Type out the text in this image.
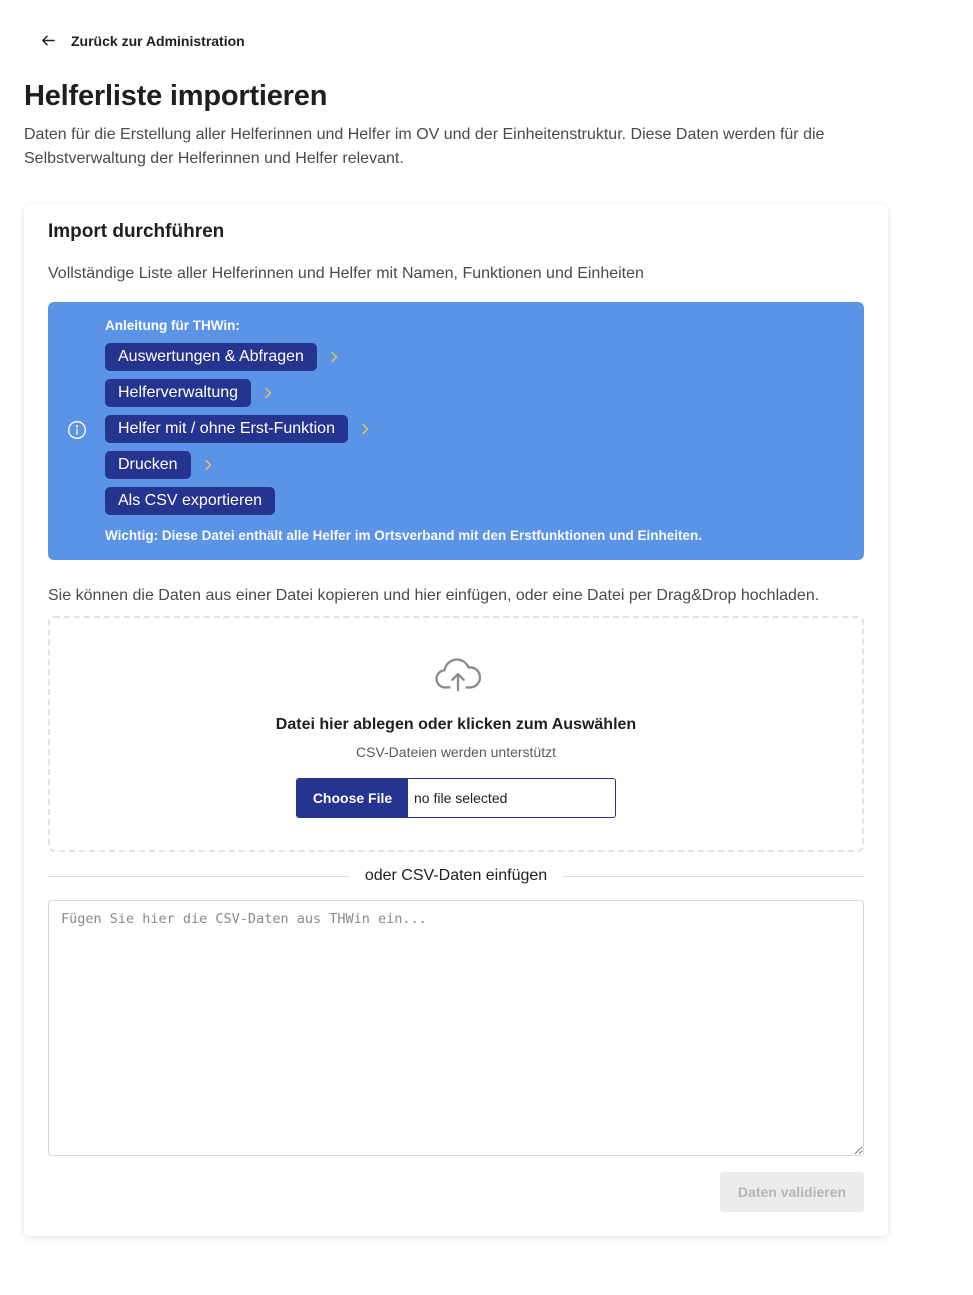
Zurück zur Administration
Helferliste importieren

Daten für die Erstellung aller Helferinnen und Helfer im OV und der Einheitenstruktur. Diese Daten werden für die Selbstverwaltung der Helferinnen und Helfer relevant.

Import durchführen

Vollständige Liste aller Helferinnen und Helfer mit Namen, Funktionen und Einheiten

Anleitung für THWin:
Auswertungen & Abfragen
Helferverwaltung
Helfer mit / ohne Erst-Funktion
Drucken
Als CSV exportieren
Wichtig: Diese Datei enthält alle Helfer im Ortsverband mit den Erstfunktionen und Einheiten.

Sie können die Daten aus einer Datei kopieren und hier einfügen, oder eine Datei per Drag&Drop hochladen.

Datei hier ablegen oder klicken zum Auswählen
CSV-Dateien werden unterstützt
Choose File	no file selected
oder CSV-Daten einfügen
Fügen Sie hier die CSV-Daten aus THWin ein...
Daten validieren
